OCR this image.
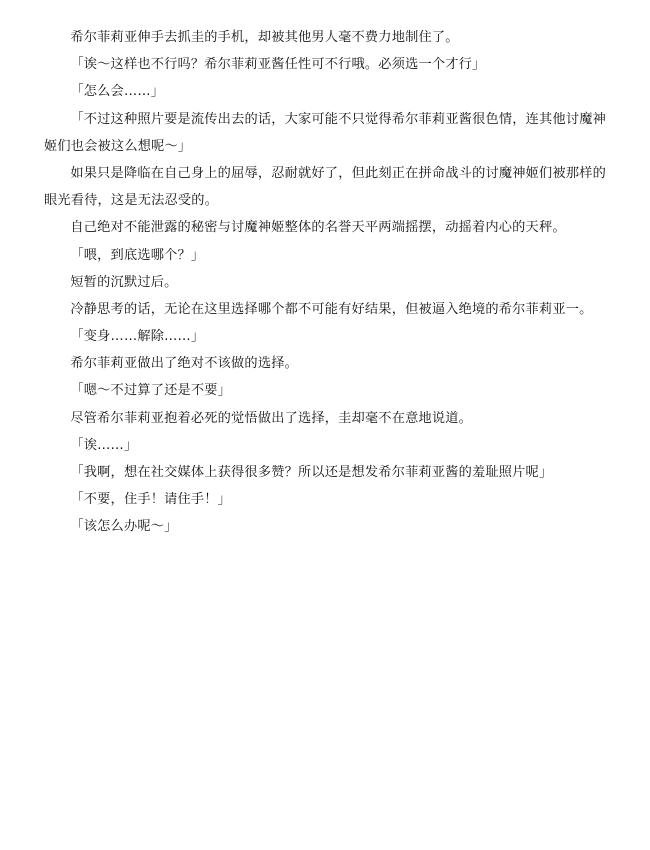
希尔菲莉亚伸手去抓圭的手机，却被其他男人毫不费力地制住了。

「诶～这样也不行吗？希尔菲莉亚酱任性可不行哦。必须选一个才行」

「怎么会……」

「不过这种照片要是流传出去的话，大家可能不只觉得希尔菲莉亚酱很色情，连其他讨魔神姬们也会被这么想呢～」

如果只是降临在自己身上的屈辱，忍耐就好了，但此刻正在拼命战斗的讨魔神姬们被那样的眼光看待，这是无法忍受的。

自己绝对不能泄露的秘密与讨魔神姬整体的名誉天平两端摇摆，动摇着内心的天秤。

「喂，到底选哪个？」

短暂的沉默过后。

冷静思考的话，无论在这里选择哪个都不可能有好结果，但被逼入绝境的希尔菲莉亚一。

「变身……解除……」

希尔菲莉亚做出了绝对不该做的选择。

「嗯～不过算了还是不要」

尽管希尔菲莉亚抱着必死的觉悟做出了选择，圭却毫不在意地说道。

「诶……」

「我啊，想在社交媒体上获得很多赞？所以还是想发希尔菲莉亚酱的羞耻照片呢」

「不要，住手！请住手！」

「该怎么办呢～」
